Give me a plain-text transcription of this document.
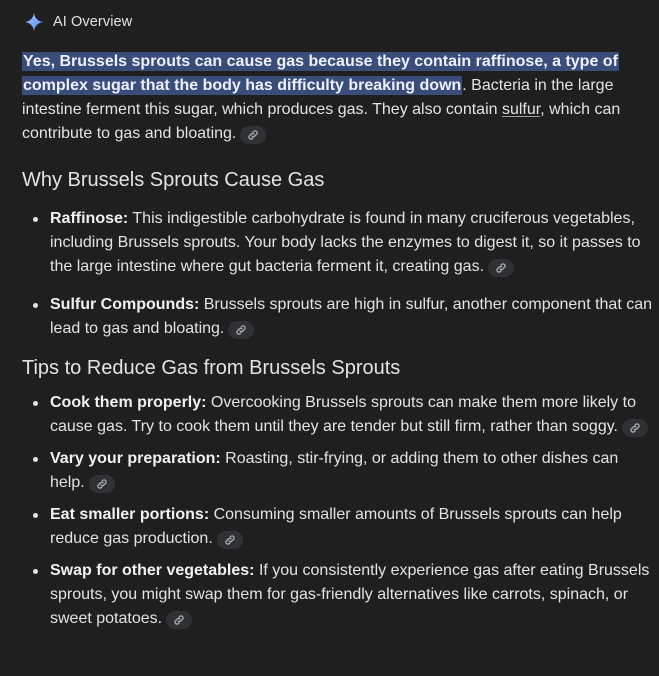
AI Overview

Yes, Brussels sprouts can cause gas because they contain raffinose, a type of complex sugar that the body has difficulty breaking down. Bacteria in the large intestine ferment this sugar, which produces gas. They also contain sulfur, which can contribute to gas and bloating.

Why Brussels Sprouts Cause Gas
Raffinose: This indigestible carbohydrate is found in many cruciferous vegetables, including Brussels sprouts. Your body lacks the enzymes to digest it, so it passes to the large intestine where gut bacteria ferment it, creating gas.
Sulfur Compounds: Brussels sprouts are high in sulfur, another component that can lead to gas and bloating.
Tips to Reduce Gas from Brussels Sprouts
Cook them properly: Overcooking Brussels sprouts can make them more likely to cause gas. Try to cook them until they are tender but still firm, rather than soggy.
Vary your preparation: Roasting, stir-frying, or adding them to other dishes can help.
Eat smaller portions: Consuming smaller amounts of Brussels sprouts can help reduce gas production.
Swap for other vegetables: If you consistently experience gas after eating Brussels sprouts, you might swap them for gas-friendly alternatives like carrots, spinach, or sweet potatoes.
